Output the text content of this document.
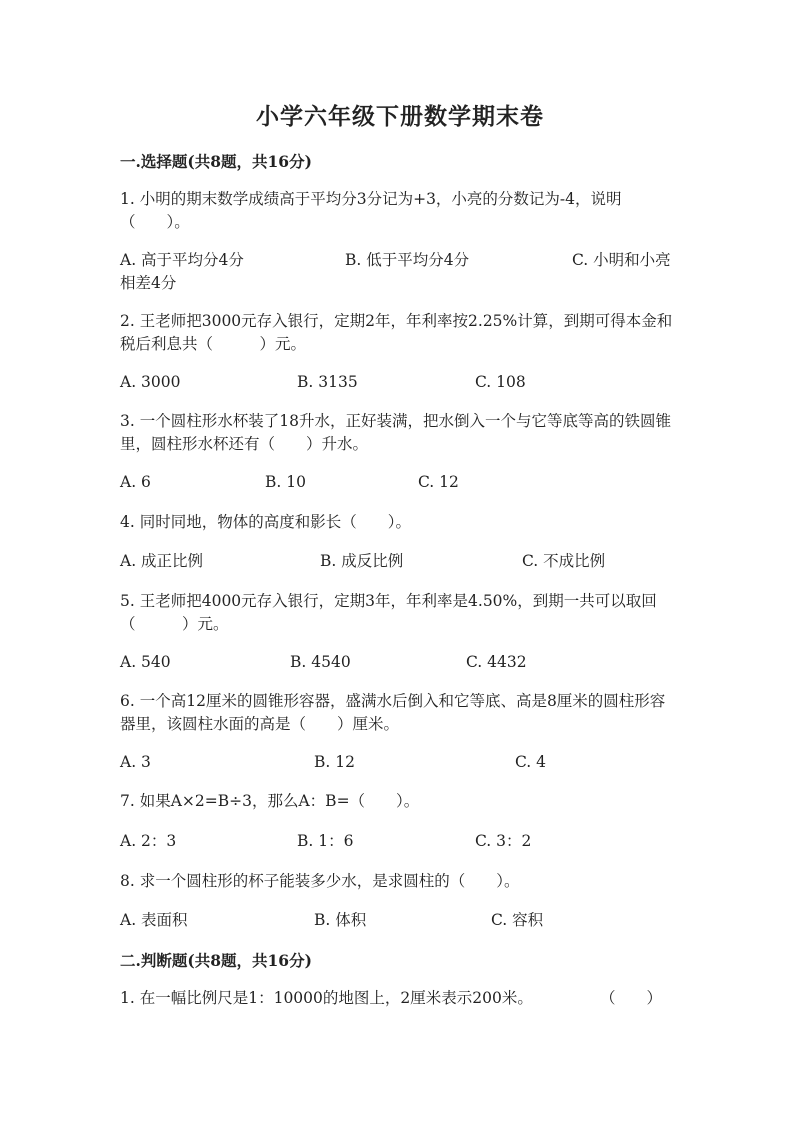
小学六年级下册数学期末卷
一.选择题(共8题，共16分)
1. 小明的期末数学成绩高于平均分3分记为+3，小亮的分数记为-4，说明（　　）。
A. 高于平均分4分	B. 低于平均分4分	C. 小明和小亮相差4分
2. 王老师把3000元存入银行，定期2年，年利率按2.25%计算，到期可得本金和税后利息共（　　　）元。
A. 3000	B. 3135	C. 108
3. 一个圆柱形水杯装了18升水，正好装满，把水倒入一个与它等底等高的铁圆锥里，圆柱形水杯还有（　　）升水。
A. 6	B. 10	C. 12
4. 同时同地，物体的高度和影长（　　）。
A. 成正比例	B. 成反比例	C. 不成比例
5. 王老师把4000元存入银行，定期3年，年利率是4.50%，到期一共可以取回（　　　）元。
A. 540	B. 4540	C. 4432
6. 一个高12厘米的圆锥形容器，盛满水后倒入和它等底、高是8厘米的圆柱形容器里，该圆柱水面的高是（　　）厘米。
A. 3	B. 12	C. 4
7. 如果A×2=B÷3，那么A：B=（　　）。
A. 2：3	B. 1：6	C. 3：2
8. 求一个圆柱形的杯子能装多少水，是求圆柱的（　　）。
A. 表面积	B. 体积	C. 容积
二.判断题(共8题，共16分)
1. 在一幅比例尺是1：10000的地图上，2厘米表示200米。	（　　）
